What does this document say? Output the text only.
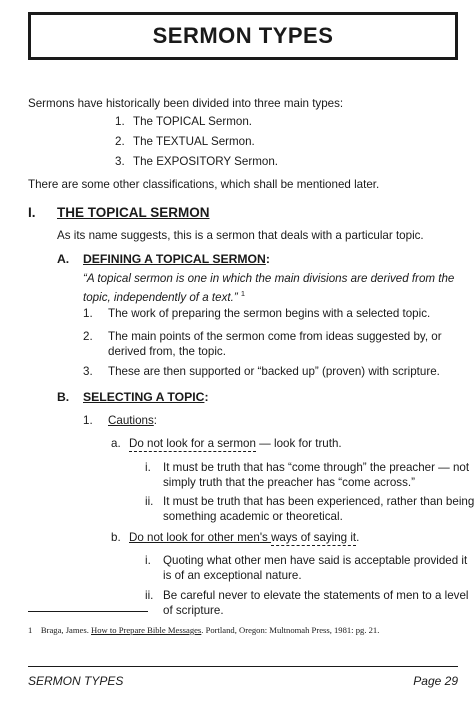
SERMON TYPES
Sermons have historically been divided into three main types:
1. The TOPICAL Sermon.
2. The TEXTUAL Sermon.
3. The EXPOSITORY Sermon.
There are some other classifications, which shall be mentioned later.
I. THE TOPICAL SERMON
As its name suggests, this is a sermon that deals with a particular topic.
A. DEFINING A TOPICAL SERMON:
“A topical sermon is one in which the main divisions are derived from the
topic, independently of a text.” $^1$
1. The work of preparing the sermon begins with a selected topic.
2. The main points of the sermon come from ideas suggested by, or
derived from, the topic.
3. These are then supported or “backed up” (proven) with scripture.
B. SELECTING A TOPIC:
1. Cautions:
a. Do not look for a sermon — look for truth.
i. It must be truth that has “come through” the preacher — not
simply truth that the preacher has “come across.”
ii. It must be truth that has been experienced, rather than being
something academic or theoretical.
b. Do not look for other men's ways of saying it.
i. Quoting what other men have said is acceptable provided it
is of an exceptional nature.
ii. Be careful never to elevate the statements of men to a level
of scripture.
1 Braga, James. How to Prepare Bible Messages. Portland, Oregon: Multnomah Press, 1981: pg. 21.
SERMON TYPES	Page 29
